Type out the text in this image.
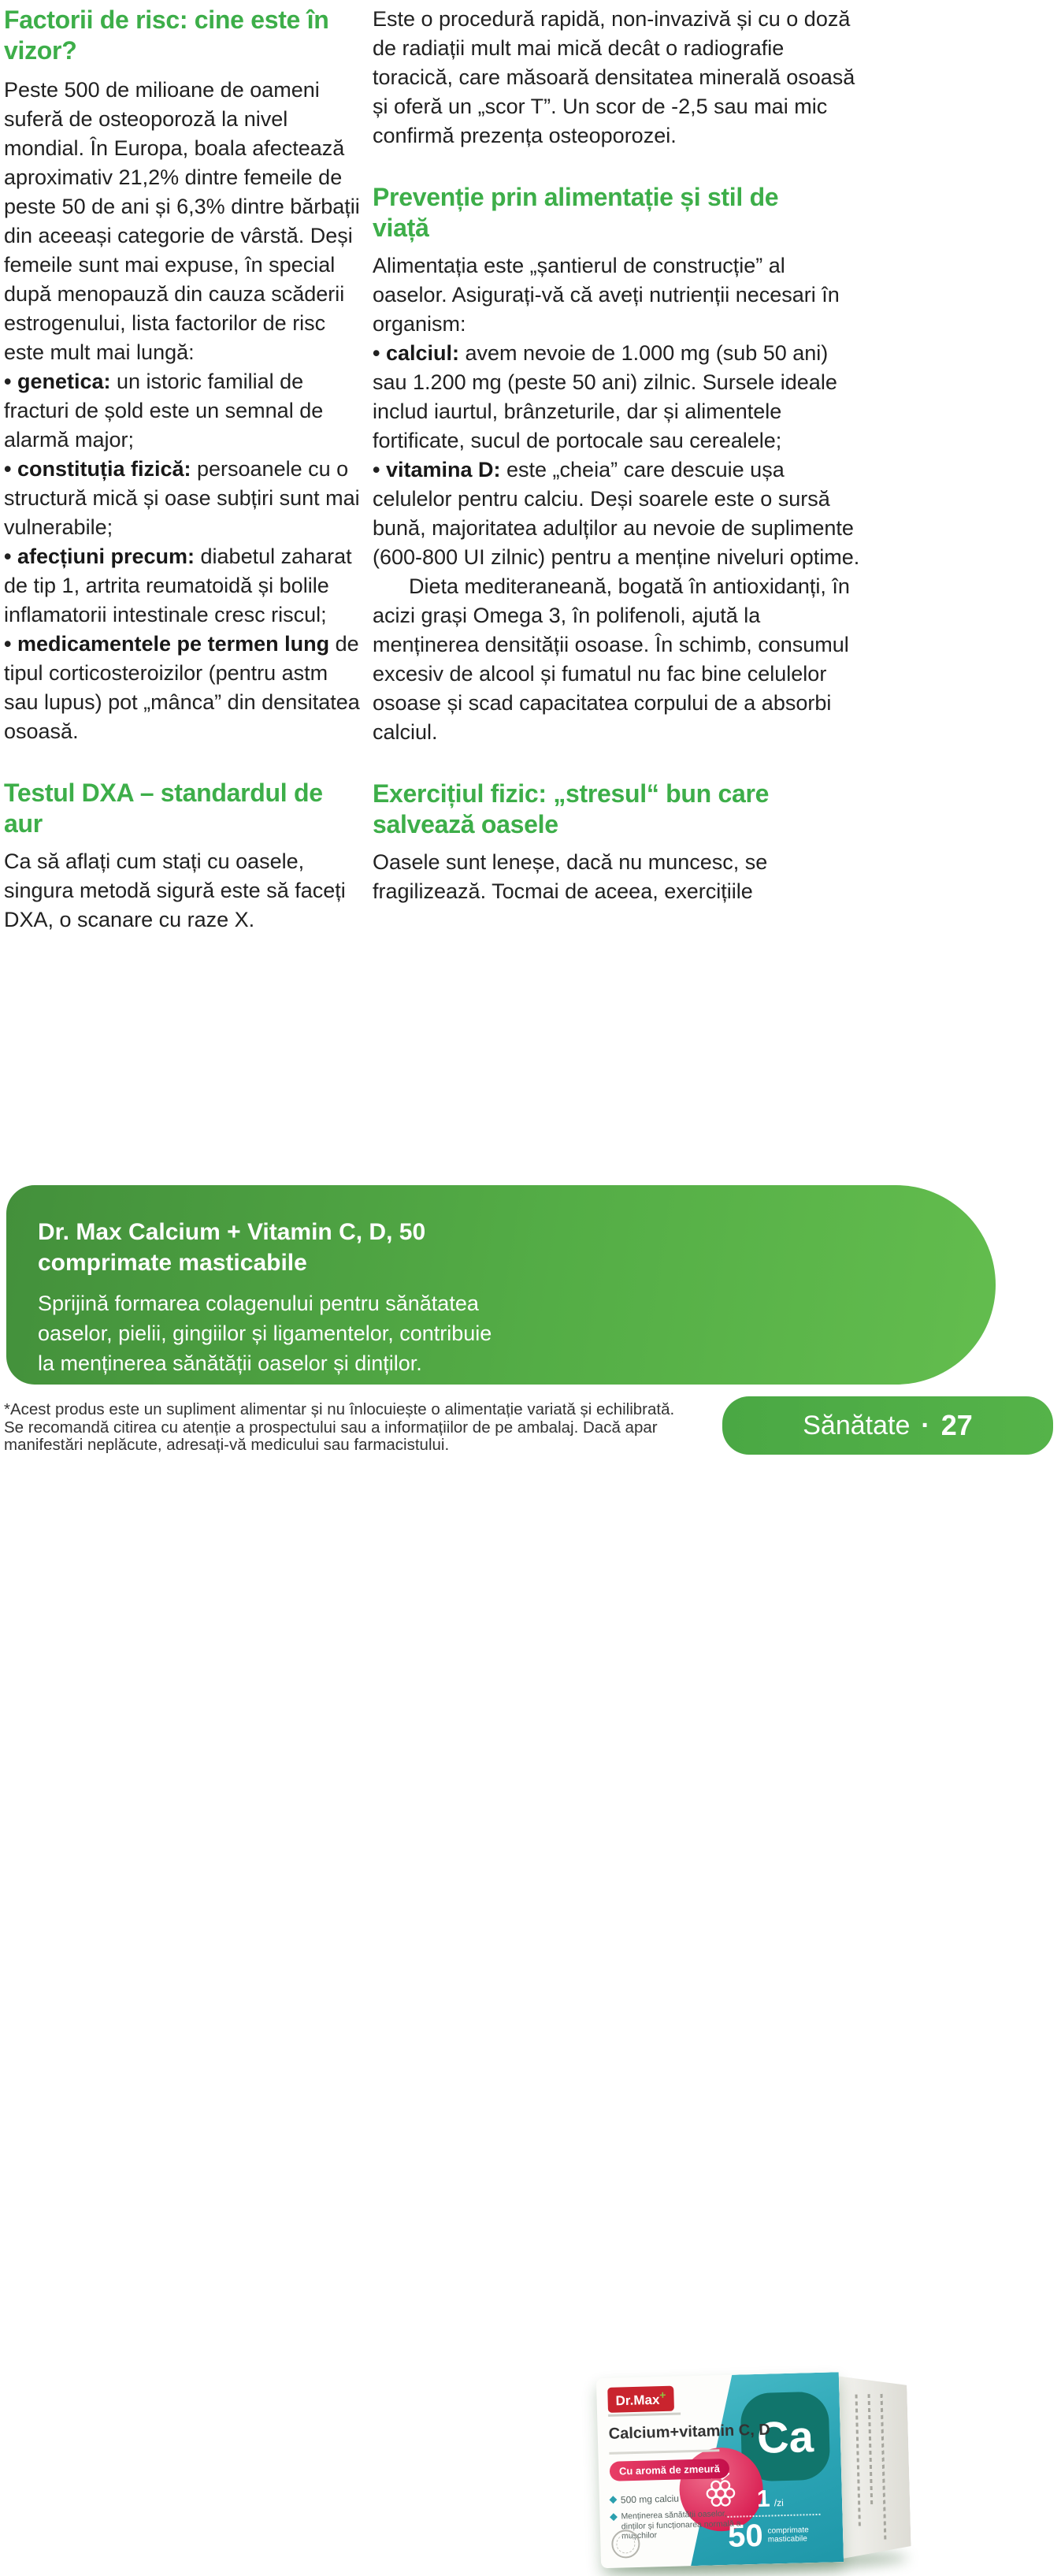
Factorii de risc: cine este în vizor?

Peste 500 de milioane de oameni suferă de osteoporoză la nivel mondial. În Europa, boala afectează aproximativ 21,2% dintre femeile de peste 50 de ani și 6,3% dintre bărbații din aceeași categorie de vârstă. Deși femeile sunt mai expuse, în special după menopauză din cauza scăderii estrogenului, lista factorilor de risc este mult mai lungă:

• genetica: un istoric familial de fracturi de șold este un semnal de alarmă major;

• constituția fizică: persoanele cu o structură mică și oase subțiri sunt mai vulnerabile;

• afecțiuni precum: diabetul zaharat de tip 1, artrita reumatoidă și bolile inflamatorii intestinale cresc riscul;

• medicamentele pe termen lung de tipul corticosteroizilor (pentru astm sau lupus) pot „mânca” din densitatea osoasă.

Testul DXA – standardul de aur

Ca să aflați cum stați cu oasele, singura metodă sigură este să faceți DXA, o scanare cu raze X.

Este o procedură rapidă, non-invazivă și cu o doză de radiații mult mai mică decât o radiografie toracică, care măsoară densitatea minerală osoasă și oferă un „scor T”. Un scor de -2,5 sau mai mic confirmă prezența osteoporozei.

Prevenție prin alimentație și stil de viață

Alimentația este „șantierul de construcție” al oaselor. Asigurați-vă că aveți nutrienții necesari în organism:

• calciul: avem nevoie de 1.000 mg (sub 50 ani) sau 1.200 mg (peste 50 ani) zilnic. Sursele ideale includ iaurtul, brânzeturile, dar și alimentele fortificate, sucul de portocale sau cerealele;

• vitamina D: este „cheia” care descuie ușa celulelor pentru calciu. Deși soarele este o sursă bună, majoritatea adulților au nevoie de suplimente (600-800 UI zilnic) pentru a menține niveluri optime.

Dieta mediteraneană, bogată în antioxidanți, în acizi grași Omega 3, în polifenoli, ajută la menținerea densității osoase. În schimb, consumul excesiv de alcool și fumatul nu fac bine celulelor osoase și scad capacitatea corpului de a absorbi calciul.

Exercițiul fizic: „stresul“ bun care salvează oasele

Oasele sunt leneșe, dacă nu muncesc, se fragilizează. Tocmai de aceea, exercițiile

Dr. Max Calcium + Vitamin C, D, 50
comprimate masticabile
Sprijină formarea colagenului pentru sănătatea
oaselor, pielii, gingiilor și ligamentelor, contribuie
la menținerea sănătății oaselor și dinților.
Ca
1 /zi
50 comprimate masticabile
Dr.Max+
Calcium+vitamin C, D
Cu aromă de zmeură
500 mg calciu
Menținerea sănătății oaselor, dinților și funcționarea normală a mușchilor
*Acest produs este un supliment alimentar și nu înlocuiește o alimentație variată și echilibrată.
Se recomandă citirea cu atenție a prospectului sau a informațiilor de pe ambalaj. Dacă apar
manifestări neplăcute, adresați-vă medicului sau farmacistului.
Sănătate · 27
